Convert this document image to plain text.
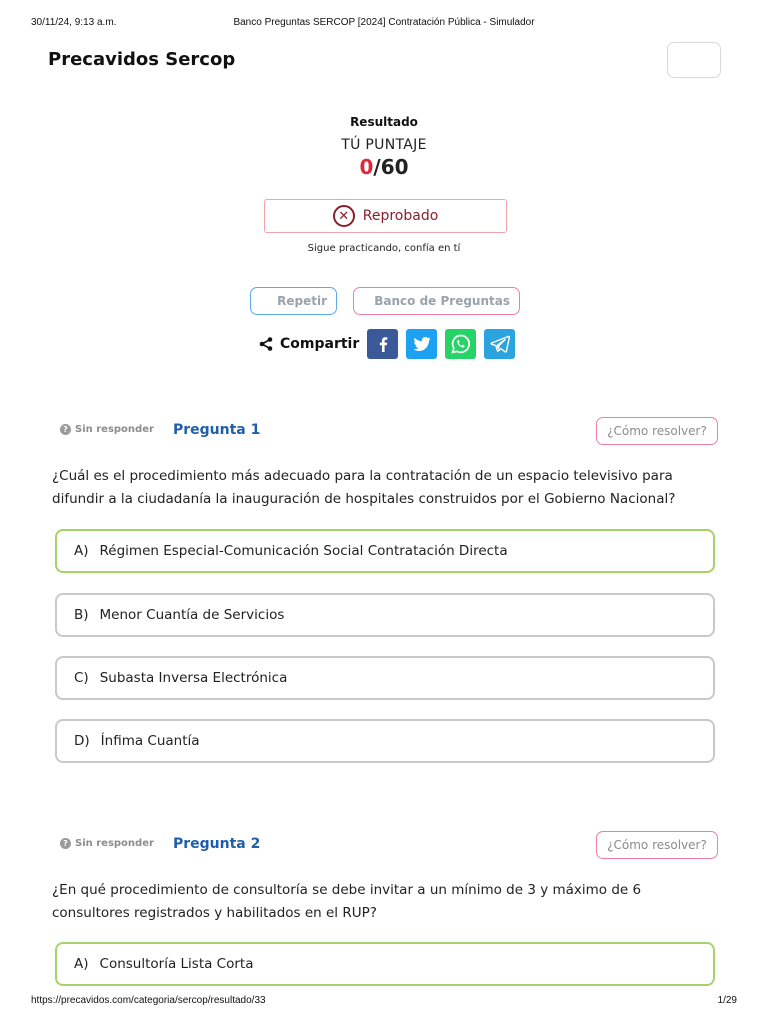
30/11/24, 9:13 a.m.	Banco Preguntas SERCOP [2024] Contratación Pública - Simulador
Precavidos Sercop
Resultado
TÚ PUNTAJE
0/60
✕ Reprobado
Sigue practicando, confía en tí
Repetir	Banco de Preguntas
Compartir
? Sin responder Pregunta 1	¿Cómo resolver?
¿Cuál es el procedimiento más adecuado para la contratación de un espacio televisivo para difundir a la ciudadanía la inauguración de hospitales construidos por el Gobierno Nacional?
A) Régimen Especial-Comunicación Social Contratación Directa
B) Menor Cuantía de Servicios
C) Subasta Inversa Electrónica
D) Ínfima Cuantía
? Sin responder Pregunta 2	¿Cómo resolver?
¿En qué procedimiento de consultoría se debe invitar a un mínimo de 3 y máximo de 6 consultores registrados y habilitados en el RUP?
A) Consultoría Lista Corta
https://precavidos.com/categoria/sercop/resultado/33	1/29
